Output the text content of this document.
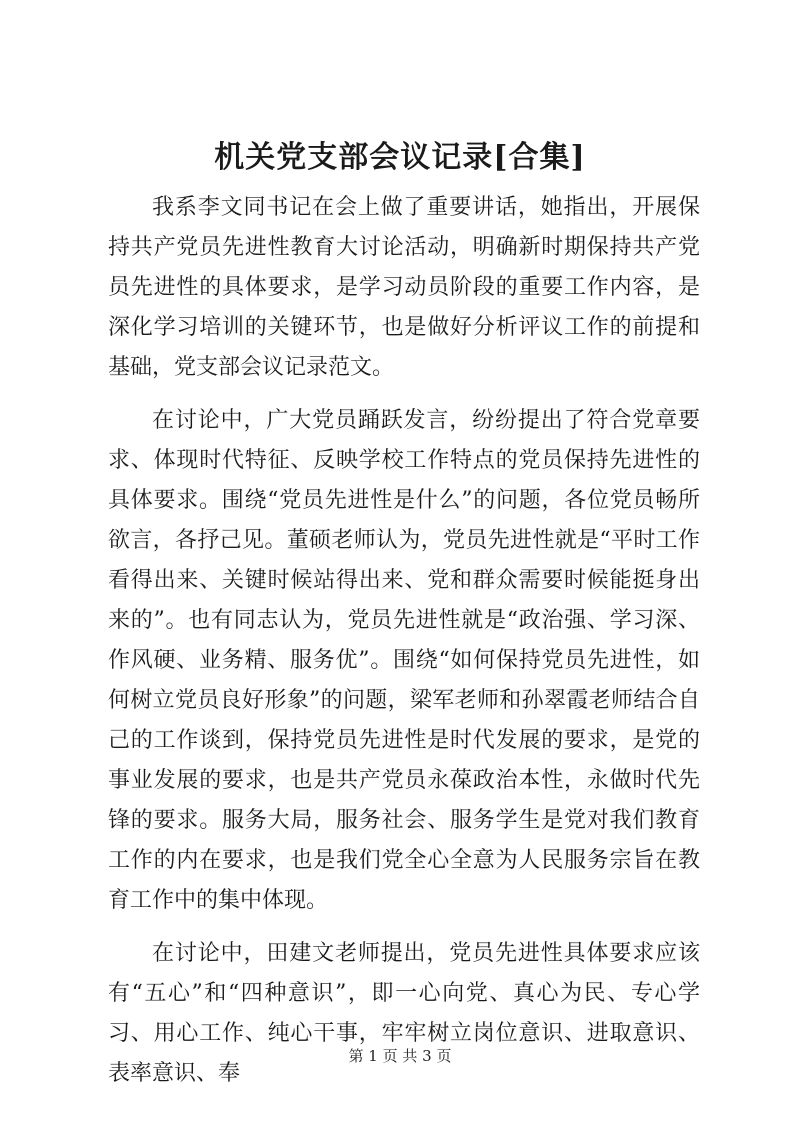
机关党支部会议记录[合集]

我系李文同书记在会上做了重要讲话，她指出，开展保持共产党员先进性教育大讨论活动，明确新时期保持共产党员先进性的具体要求，是学习动员阶段的重要工作内容，是深化学习培训的关键环节，也是做好分析评议工作的前提和基础，党支部会议记录范文。

在讨论中，广大党员踊跃发言，纷纷提出了符合党章要求、体现时代特征、反映学校工作特点的党员保持先进性的具体要求。围绕“党员先进性是什么”的问题，各位党员畅所欲言，各抒己见。董硕老师认为，党员先进性就是“平时工作看得出来、关键时候站得出来、党和群众需要时候能挺身出来的”。也有同志认为，党员先进性就是“政治强、学习深、作风硬、业务精、服务优”。围绕“如何保持党员先进性，如何树立党员良好形象”的问题，梁军老师和孙翠霞老师结合自己的工作谈到，保持党员先进性是时代发展的要求，是党的事业发展的要求，也是共产党员永葆政治本性，永做时代先锋的要求。服务大局，服务社会、服务学生是党对我们教育工作的内在要求，也是我们党全心全意为人民服务宗旨在教育工作中的集中体现。

在讨论中，田建文老师提出，党员先进性具体要求应该有“五心”和“四种意识”，即一心向党、真心为民、专心学习、用心工作、纯心干事，牢牢树立岗位意识、进取意识、表率意识、奉

第 1 页 共 3 页
